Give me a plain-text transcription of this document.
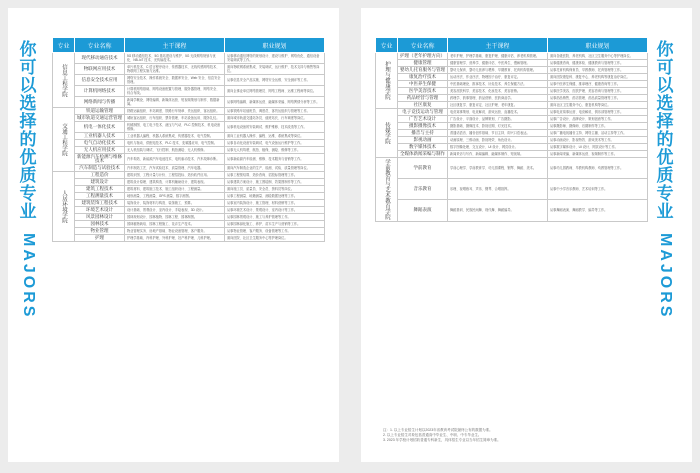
你
可
以
选
择
的
优
质
专
业
MAJORS
专业	专业名称	主干课程	职业规划

信息工程学院	现代移动通信技术	5G 移动通信技术、5G 基站建设与维护、5G 无线网络规划与优化、NB-IoT 技术、光传输技术。	从事移动通信网络的规划设计、建设与维护、网络优化、通信设备安装调试等工作。
	物联网应用技术	单片机技术、C 语言程序设计、传感器技术、无线传感网络技术、物联网工程实施与运维。	面向物联网系统集成、安装调试、运行维护、技术支持与销售等岗位。
	信息安全技术应用	网络安全技术、操作系统安全、数据库安全、Web 安全、信息安全管理。	从事信息安全产品实施、网络安全运维、安全测评等工作。
	计算机网络技术	计算机网络基础、网络设备配置与管理、服务器管理、网络安全、综合布线。	面向企事业单位网络管理员、网络工程师、运维工程师等岗位。
	网络新闻与传播	新闻学概论、网络编辑、新媒体运营、短视频策划与制作、数据新闻。	从事网络编辑、新媒体运营、融媒体采编、网络舆情分析等工作。

交通工程学院	铁道运输管理	铁路运输组织、车站调度、铁路行车规章、货运组织、客运组织。	从事铁路车站值班员、调度员、客货运组织与管理等工作。
	城市轨道交通运营管理	城轨客运组织、行车组织、票务管理、车站设备运用、服务礼仪。	面向城市轨道交通站务员、值班站长、行车调度等岗位。
	机电一体化技术	机械制图、电工电子技术、液压与气动、PLC 控制技术、机电设备维修。	从事机电设备的安装调试、维护维修、技术改造等工作。
	工业机器人技术	工业机器人编程、机器人系统集成、传感器技术、电气控制。	面向工业机器人操作、编程、运维、系统集成等岗位。
	电气自动化技术	电机与拖动、供配电技术、PLC 技术、变频器应用、电气控制。	从事自动化设备安装调试、电气设备运行维护等工作。
	无人机应用技术	无人机组装与调试、飞行控制、航拍测绘、无人机维修。	从事无人机驾驶、航拍、植保、测绘、维修等工作。
	新能源汽车检测与维修技术	汽车构造、新能源汽车电池技术、电机驱动技术、汽车故障诊断。	从事新能源汽车检测、维修、技术服务与营销等工作。
	汽车制造与试验技术	汽车制造工艺、汽车试验技术、质量管理、汽车电器。	面向汽车制造企业的生产、检测、试验、质量管理等岗位。

人居环境学院	工程造价	建筑识图、工程计量与计价、工程招投标、造价软件应用。	从事工程预结算、造价咨询、招投标管理等工作。
	建筑设计	建筑设计原理、建筑构造、计算机辅助设计、建筑表现。	从事建筑方案设计、施工图绘制、效果图制作等工作。
	建筑工程技术	建筑材料、建筑施工技术、施工组织设计、工程测量。	面向施工员、质量员、安全员、资料员等岗位。
	工程测量技术	地形测量、工程测量、GPS 测量、数字测图。	从事工程测量、地籍测量、测绘数据处理等工作。
	建筑装饰工程技术	装饰设计、装饰材料与构造、装饰施工、预算。	从事室内装饰设计、施工管理、材料营销等工作。
	环境艺术设计	设计基础、景观设计、室内设计、手绘表现、3D 设计。	从事环境艺术设计、景观设计、室内设计等工作。
	风景园林设计	园林规划设计、园林植物、园林工程、园林制图。	从事园林景观设计、施工与养护管理等工作。
	园林技术	园林植物栽培、园林工程施工、花卉生产技术。	从事园林绿化施工、养护、苗木生产与营销等工作。
	物业管理	物业管理实务、房地产基础、物业设备管理、客户服务。	从事物业管理、客户服务、设备管理等工作。
	护理	护理学基础、内科护理、外科护理、妇产科护理、儿科护理。	面向医院、社区卫生服务中心等护理岗位。
专业	专业名称	主干课程	职业规划

护理与健康学院	护理（老年护理方向）	老年护理、护理学基础、康复护理、健康评估、养老机构管理。	面向各级医院、养老机构、社区卫生服务中心等护理岗位。
	健康管理	健康管理学、营养学、健康评估、中医养生、慢病管理。	从事健康咨询、健康体检、健康教育与管理等工作。
	婴幼儿托育服务与管理	婴幼儿保育、婴幼儿营养与喂养、早期教育、托育机构管理。	从事托育机构保育员、早教教师、托育管理等工作。
	康复治疗技术	运动疗法、作业疗法、物理因子治疗、康复评定。	面向医院康复科、康复中心、养老机构等康复治疗岗位。
	中医养生保健	中医基础理论、推拿技术、针灸技术、养生保健方法。	从事中医养生保健、推拿理疗、健康咨询等工作。
	医学美容技术	美容皮肤科学、美容技术、化妆技术、美容营销。	从事医学美容、皮肤护理、美容咨询与管理等工作。
	药品经营与管理	药理学、药事管理、药品营销、医药商品学。	从事药品销售、药店管理、药品质量管理等工作。
	社区康复	社区康复学、康复评定、社区护理、老年康复。	面向社区卫生服务中心、康复机构等岗位。

传媒学院	电子竞技运动与管理	电竞赛事策划、电竞解说、游戏运营、直播技术。	从事电竞赛事运营、电竞解说、俱乐部管理等工作。
	广告艺术设计	广告设计、平面设计、品牌策划、广告摄影。	从事广告设计、品牌设计、策划创意等工作。
	摄影摄像技术	摄影基础、摄像技术、影视后期、灯光技术。	从事摄影师、摄像师、后期制作等工作。
	播音与主持	普通话语音、播音创作基础、节目主持、即兴口语表达。	从事广播电视播音主持、网络主播、活动主持等工作。
	影视动画	动画原理、三维动画、影视特效、角色设计。	从事动画设计、影视特效、游戏美术等工作。
	数字媒体技术	数字图像处理、交互设计、UI 设计、网页设计。	从事数字媒体设计、UI 设计、网页设计等工作。
	全媒体新闻采编与制作	新闻采访与写作、新闻编辑、融媒体制作、短视频。	从事新闻采编、新媒体运营、视频制作等工作。

学前教育与艺术教育学院	学前教育	学前心理学、学前教育学、幼儿园课程、钢琴、舞蹈、美术。	从事幼儿园教师、早教机构教师、幼教管理等工作。
	音乐教育	乐理、视唱练耳、声乐、钢琴、合唱指挥。	从事中小学音乐教师、艺术培训等工作。
	舞蹈表演	舞蹈基训、民族民间舞、现代舞、舞蹈编导。	从事舞蹈表演、舞蹈教学、编导等工作。
你
可
以
选
择
的
优
质
专
业
MAJORS
注：1. 以上专业招生计划以2023年省教育考试院最终公布的数据为准。
2. 以上专业招生对象包括普通高中毕业生、中职、中专毕业生。
3. 2023 年学校计划招收普通专科新生，具体招生专业以当年招生简章为准。
